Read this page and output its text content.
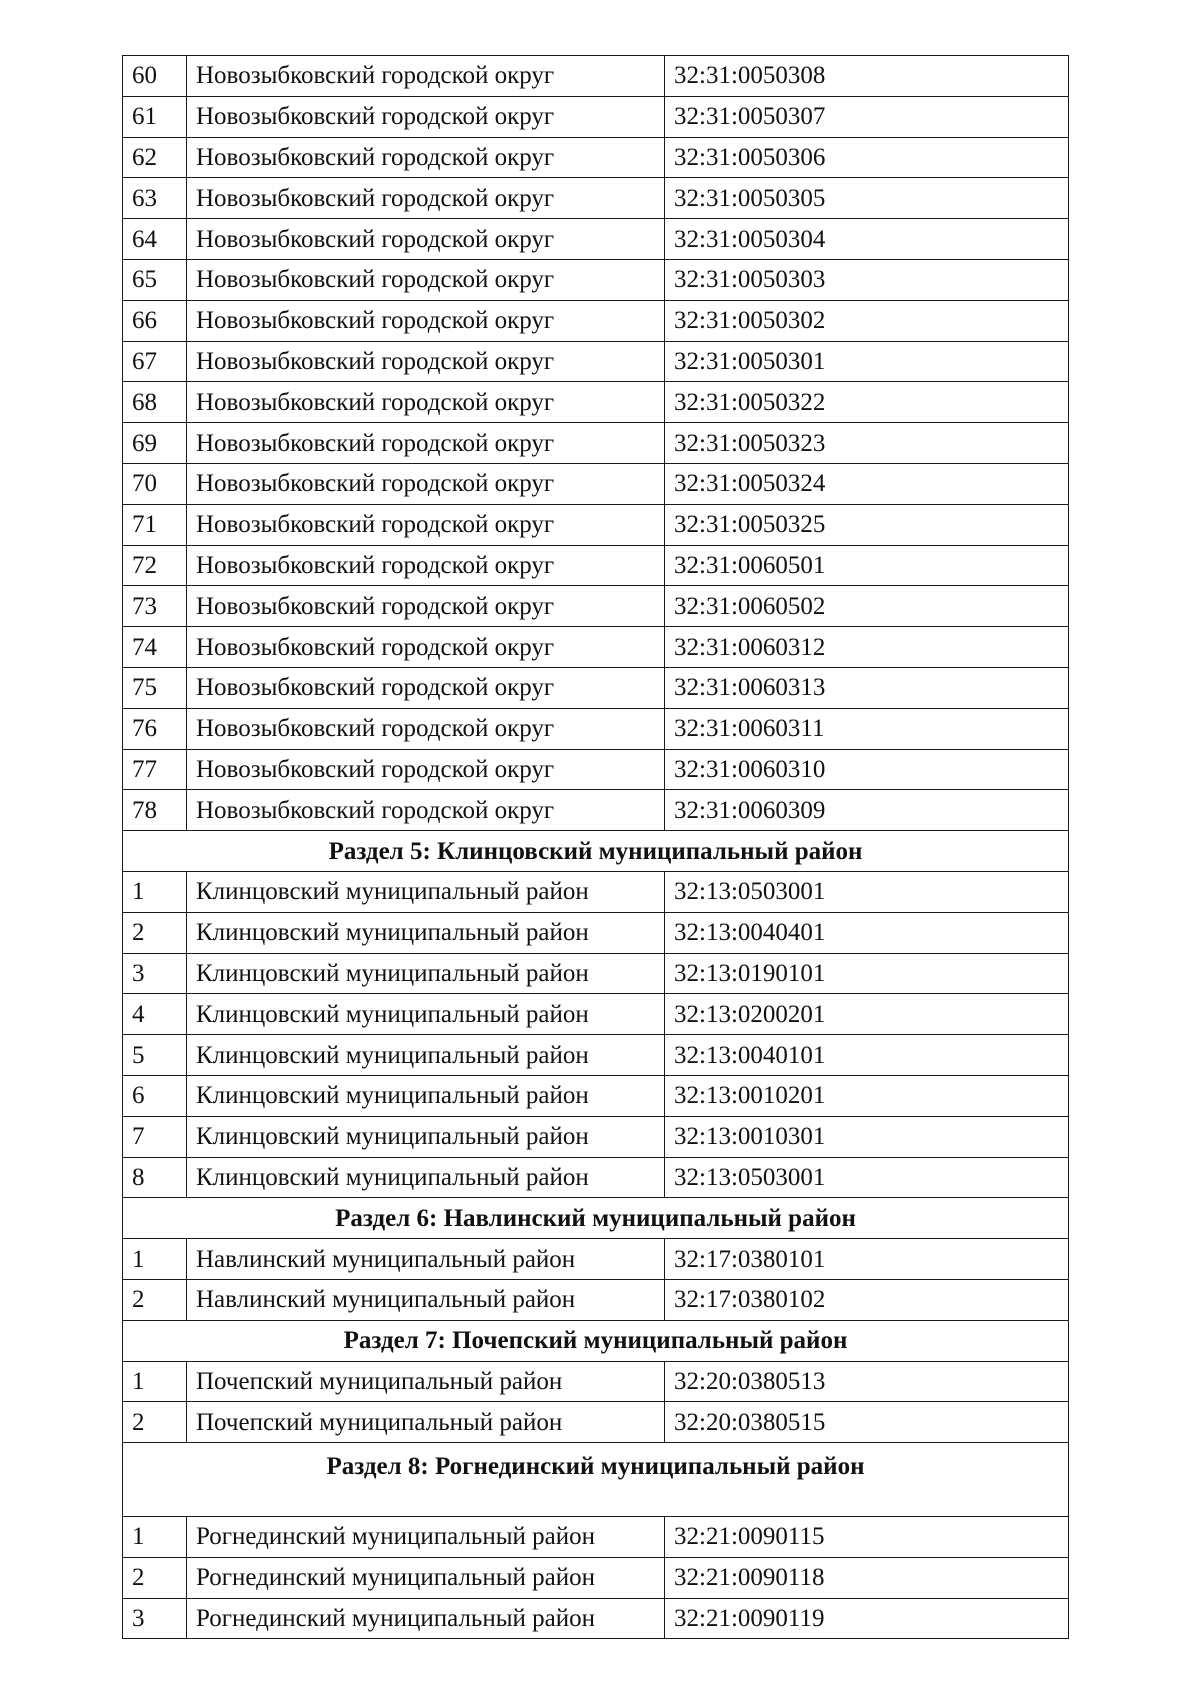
60	Новозыбковский городской округ	32:31:0050308
61	Новозыбковский городской округ	32:31:0050307
62	Новозыбковский городской округ	32:31:0050306
63	Новозыбковский городской округ	32:31:0050305
64	Новозыбковский городской округ	32:31:0050304
65	Новозыбковский городской округ	32:31:0050303
66	Новозыбковский городской округ	32:31:0050302
67	Новозыбковский городской округ	32:31:0050301
68	Новозыбковский городской округ	32:31:0050322
69	Новозыбковский городской округ	32:31:0050323
70	Новозыбковский городской округ	32:31:0050324
71	Новозыбковский городской округ	32:31:0050325
72	Новозыбковский городской округ	32:31:0060501
73	Новозыбковский городской округ	32:31:0060502
74	Новозыбковский городской округ	32:31:0060312
75	Новозыбковский городской округ	32:31:0060313
76	Новозыбковский городской округ	32:31:0060311
77	Новозыбковский городской округ	32:31:0060310
78	Новозыбковский городской округ	32:31:0060309
Раздел 5: Клинцовский муниципальный район		
1	Клинцовский муниципальный район	32:13:0503001
2	Клинцовский муниципальный район	32:13:0040401
3	Клинцовский муниципальный район	32:13:0190101
4	Клинцовский муниципальный район	32:13:0200201
5	Клинцовский муниципальный район	32:13:0040101
6	Клинцовский муниципальный район	32:13:0010201
7	Клинцовский муниципальный район	32:13:0010301
8	Клинцовский муниципальный район	32:13:0503001
Раздел 6: Навлинский муниципальный район		
1	Навлинский муниципальный район	32:17:0380101
2	Навлинский муниципальный район	32:17:0380102
Раздел 7: Почепский муниципальный район		
1	Почепский муниципальный район	32:20:0380513
2	Почепский муниципальный район	32:20:0380515
Раздел 8: Рогнединский муниципальный район		
1	Рогнединский муниципальный район	32:21:0090115
2	Рогнединский муниципальный район	32:21:0090118
3	Рогнединский муниципальный район	32:21:0090119
